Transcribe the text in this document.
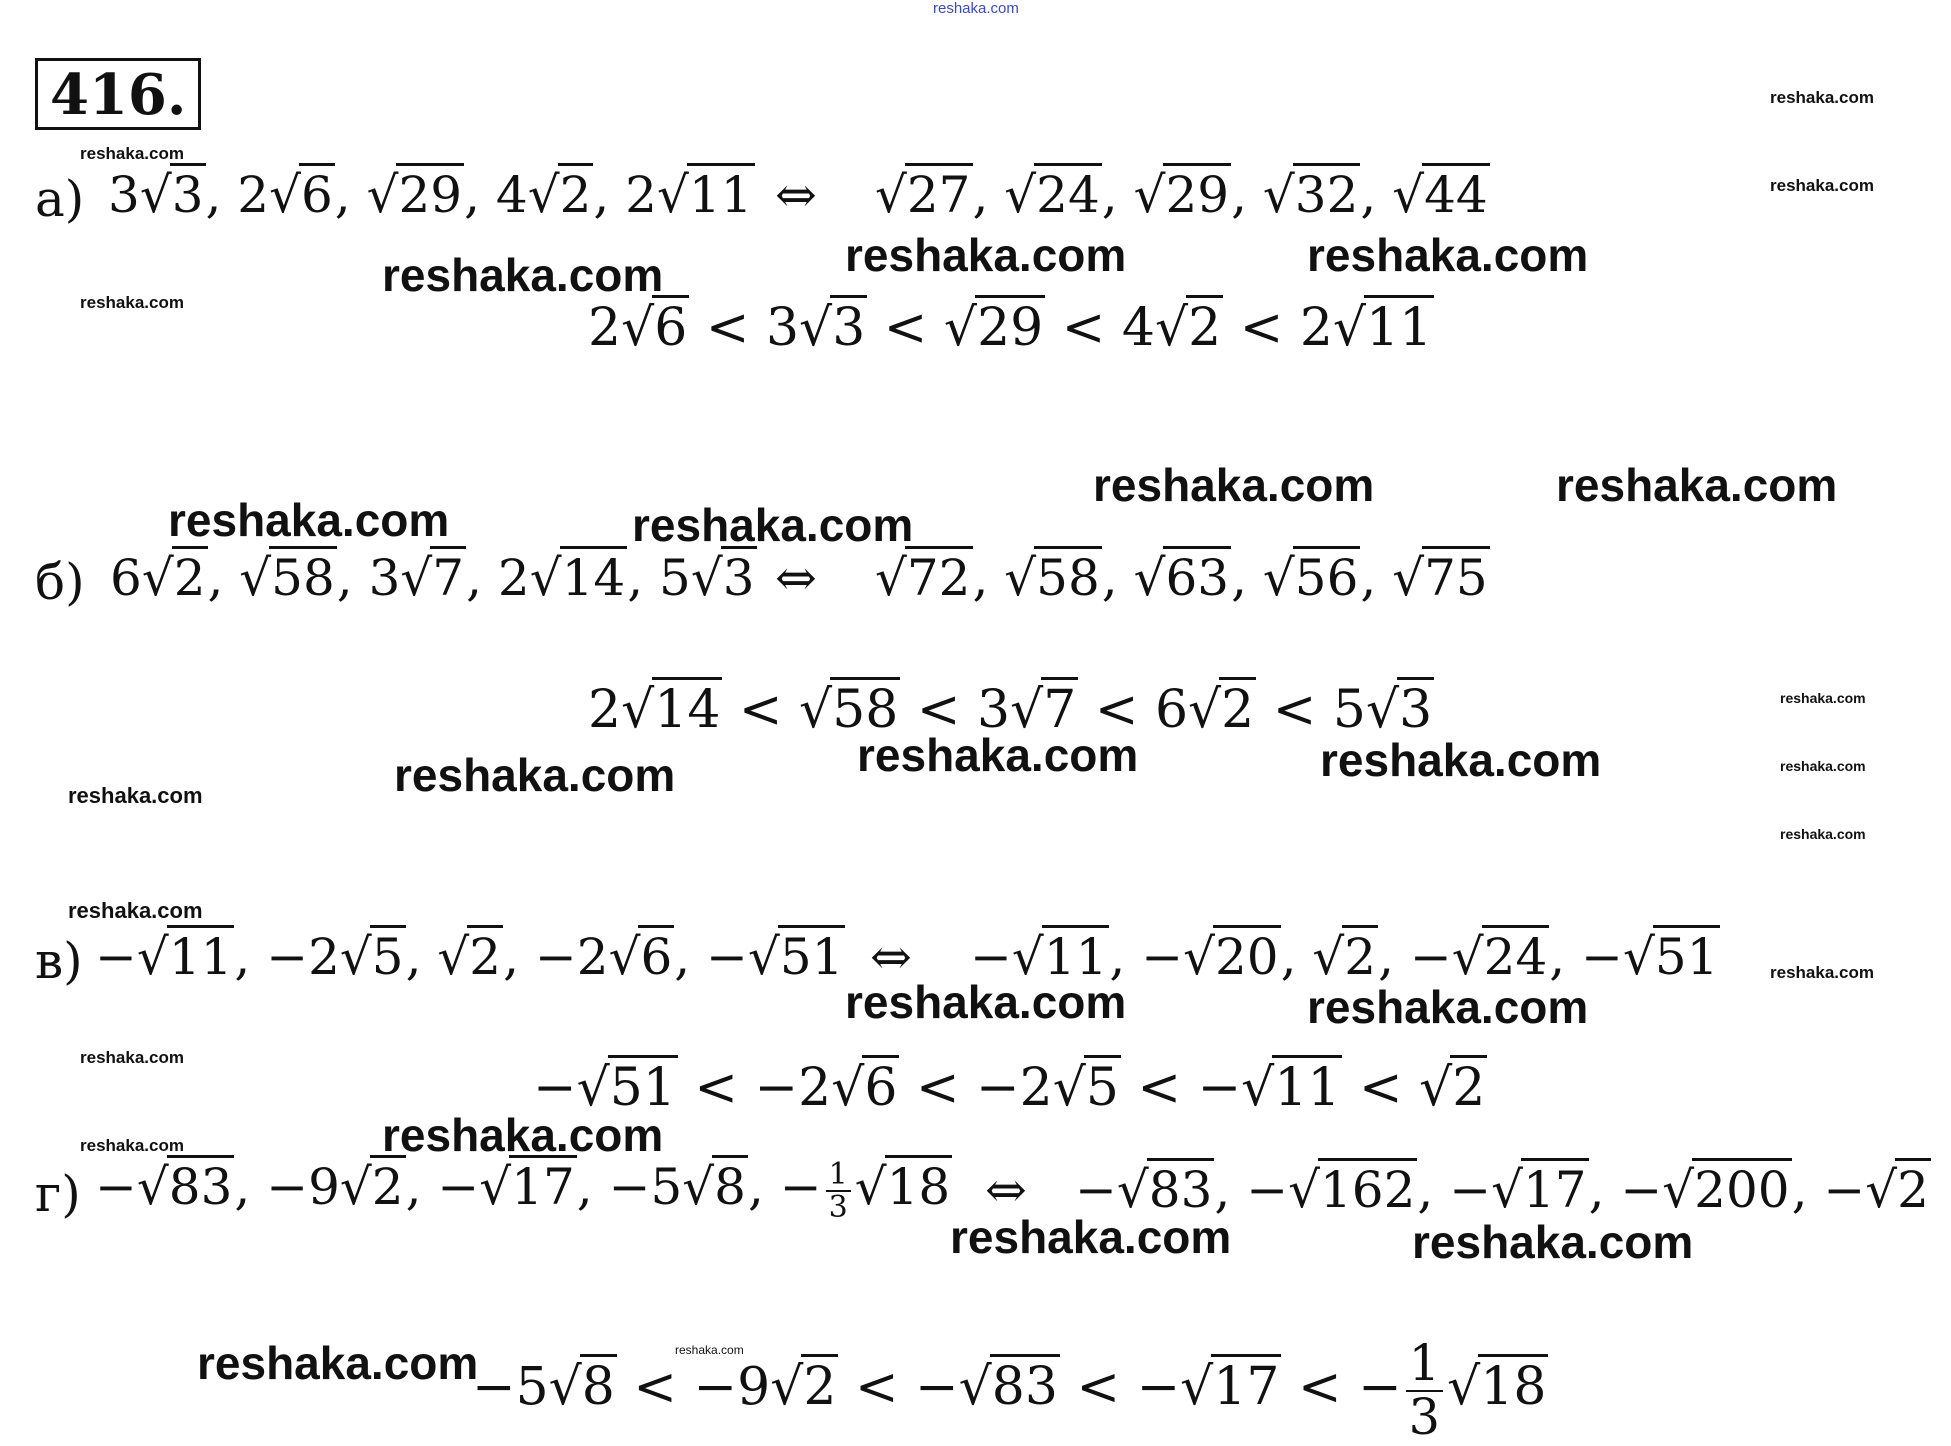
reshaka.com
416.
а) 3√3, 2√6, √29, 4√2, 2√11 ⇔ √27, √24, √29, √32, √44
2√6 < 3√3 < √29 < 4√2 < 2√11
б) 6√2, √58, 3√7, 2√14, 5√3 ⇔ √72, √58, √63, √56, √75
2√14 < √58 < 3√7 < 6√2 < 5√3
в) −√11, −2√5, √2, −2√6, −√51 ⇔ −√11, −√20, √2, −√24, −√51
−√51 < −2√6 < −2√5 < −√11 < √2
г) −√83, −9√2, −√17, −5√8, − $\frac{1}{3} √18$ ⇔ −√83, −√162, −√17, −√200, −√2
−5√8 < −9√2 < −√83 < −√17 < − $\frac{1}{3} √18$
reshaka.com
reshaka.com
reshaka.com
reshaka.com
reshaka.com	reshaka.com	reshaka.com
reshaka.com	reshaka.com
reshaka.com	reshaka.com
reshaka.com	reshaka.com
reshaka.com
reshaka.com
reshaka.com
reshaka.com
reshaka.com
reshaka.com
reshaka.com
reshaka.com	reshaka.com
reshaka.com
reshaka.com
reshaka.com
reshaka.com	reshaka.com
reshaka.com	reshaka.com
